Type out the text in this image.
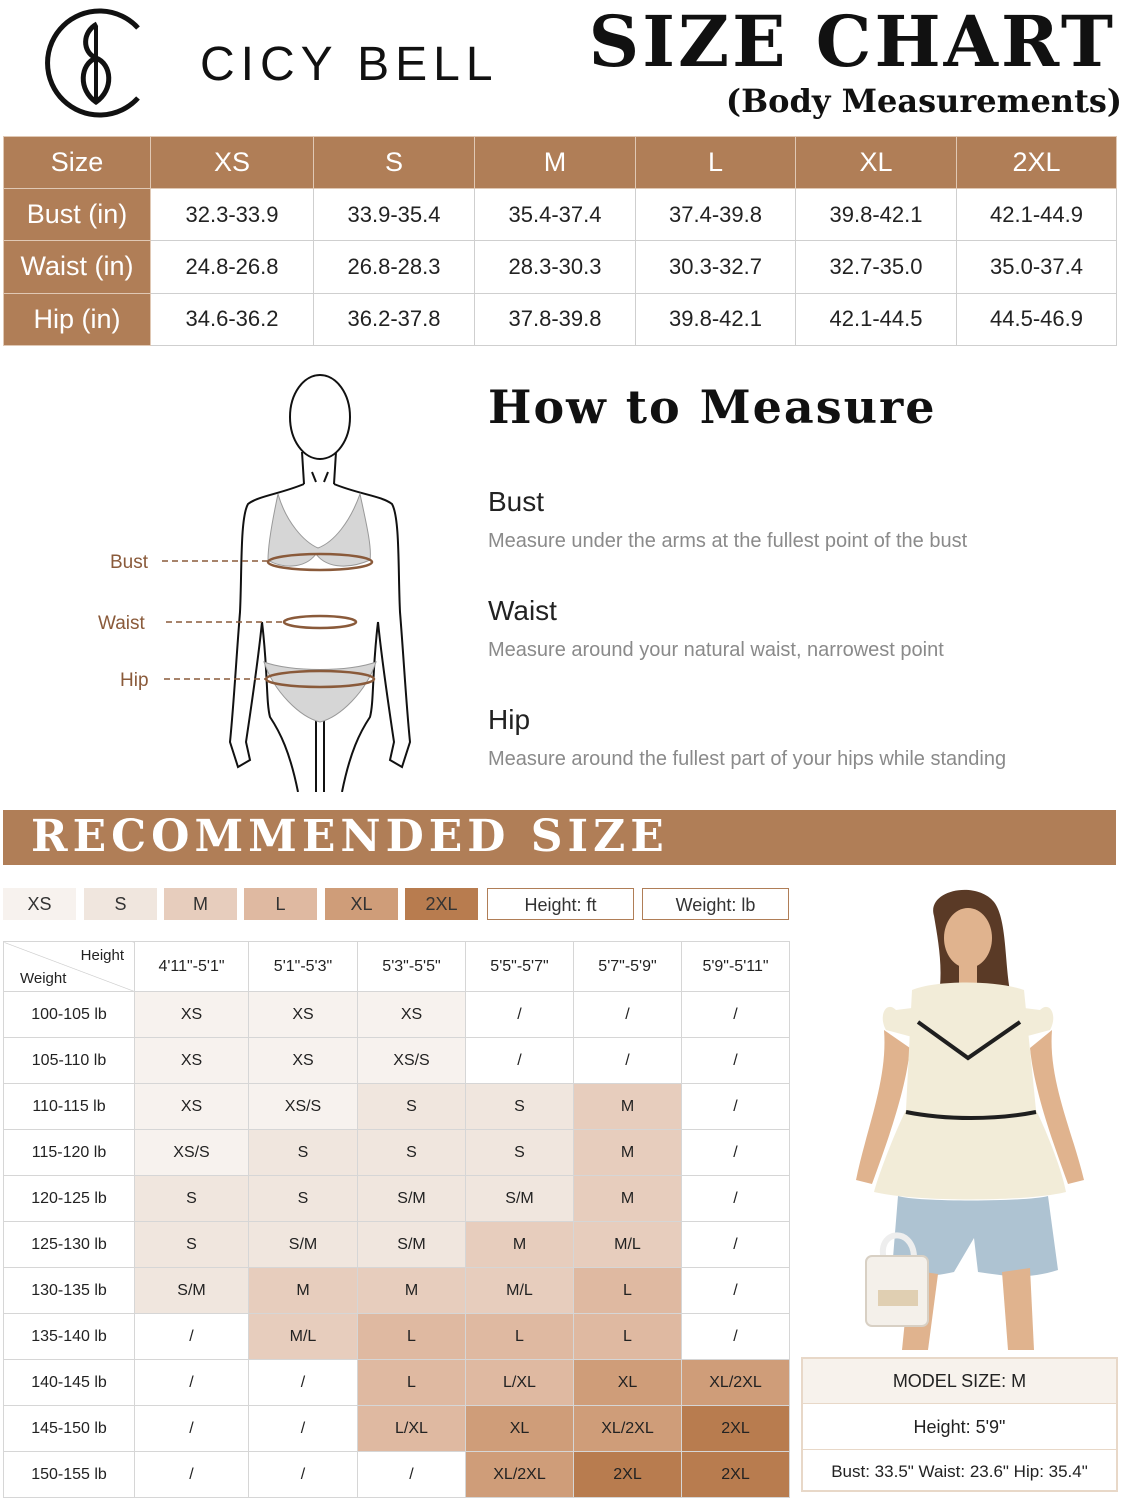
CICY BELL SIZE CHART
(Body Measurements)
Size	XS	S	M	L	XL	2XL
Bust (in)	32.3-33.9	33.9-35.4	35.4-37.4	37.4-39.8	39.8-42.1	42.1-44.9
Waist (in)	24.8-26.8	26.8-28.3	28.3-30.3	30.3-32.7	32.7-35.0	35.0-37.4
Hip (in)	34.6-36.2	36.2-37.8	37.8-39.8	39.8-42.1	42.1-44.5	44.5-46.9
Bust
Waist
Hip
How to Measure
Bust
Measure under the arms at the fullest point of the bust
Waist
Measure around your natural waist, narrowest point
Hip
Measure around the fullest part of your hips while standing
RECOMMENDED SIZE
XS	S	M	L	XL	2XL	Height: ft	Weight: lb
Height
Weight	4'11"-5'1"	5'1"-5'3"	5'3"-5'5"	5'5"-5'7"	5'7"-5'9"	5'9"-5'11"
100-105 lb	XS	XS	XS	/	/	/
105-110 lb	XS	XS	XS/S	/	/	/
110-115 lb	XS	XS/S	S	S	M	/
115-120 lb	XS/S	S	S	S	M	/
120-125 lb	S	S	S/M	S/M	M	/
125-130 lb	S	S/M	S/M	M	M/L	/
130-135 lb	S/M	M	M	M/L	L	/
135-140 lb	/	M/L	L	L	L	/
140-145 lb	/	/	L	L/XL	XL	XL/2XL
145-150 lb	/	/	L/XL	XL	XL/2XL	2XL
150-155 lb	/	/	/	XL/2XL	2XL	2XL
MODEL SIZE: M
Height: 5'9"
Bust: 33.5" Waist: 23.6" Hip: 35.4"
